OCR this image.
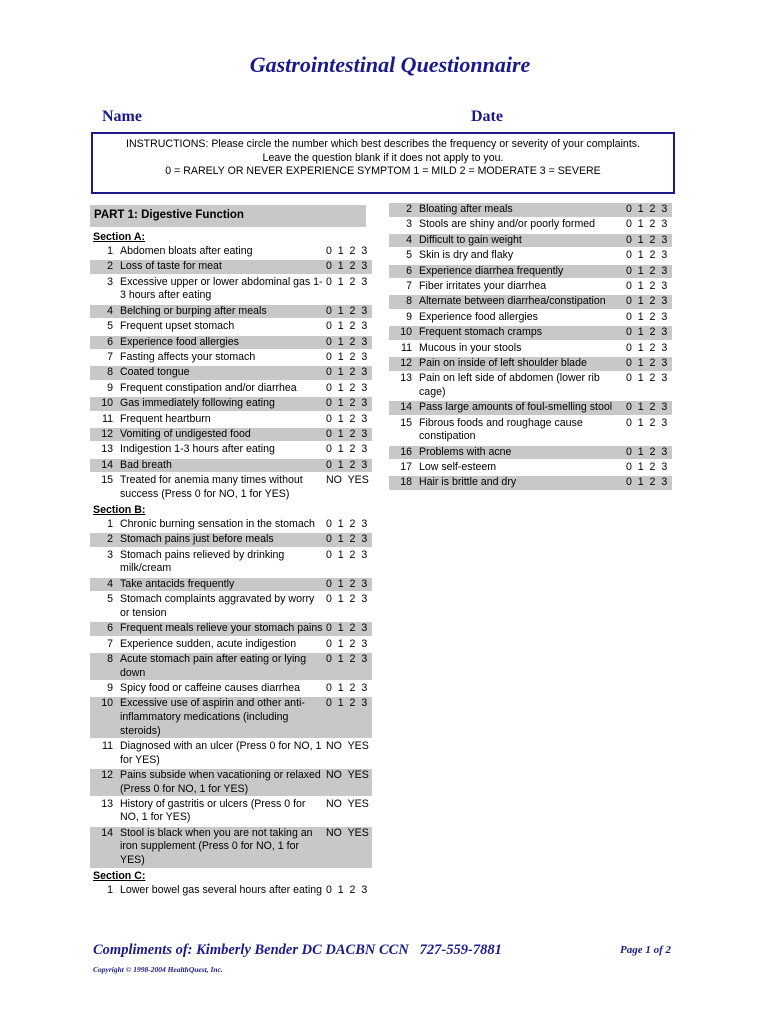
Gastrointestinal Questionnaire
Name	Date
INSTRUCTIONS: Please circle the number which best describes the frequency or severity of your complaints.
Leave the question blank if it does not apply to you.
0 = RARELY OR NEVER EXPERIENCE SYMPTOM 1 = MILD 2 = MODERATE 3 = SEVERE
PART 1: Digestive Function
Section A:
1 Abdomen bloats after eating	0  1  2  3
2 Loss of taste for meat	0  1  2  3
3 Excessive upper or lower abdominal gas 1-3 hours after eating
0  1  2  3
4 Belching or burping after meals	0  1  2  3
5 Frequent upset stomach	0  1  2  3
6 Experience food allergies	0  1  2  3
7 Fasting affects your stomach	0  1  2  3
8 Coated tongue	0  1  2  3
9 Frequent constipation and/or diarrhea	0  1  2  3
10 Gas immediately following eating	0  1  2  3
11 Frequent heartburn	0  1  2  3
12 Vomiting of undigested food	0  1  2  3
13 Indigestion 1-3 hours after eating	0  1  2  3
14 Bad breath	0  1  2  3
15 Treated for anemia many times without success (Press 0 for NO, 1 for YES)
NO  YES
Section B:
1 Chronic burning sensation in the stomach	0  1  2  3
2 Stomach pains just before meals	0  1  2  3
3 Stomach pains relieved by drinking milk/cream
0  1  2  3
4 Take antacids frequently	0  1  2  3
5 Stomach complaints aggravated by worry or tension
0  1  2  3
6 Frequent meals relieve your stomach pains 0  1  2  3
7 Experience sudden, acute indigestion	0  1  2  3
8 Acute stomach pain after eating or lying down
0  1  2  3
9 Spicy food or caffeine causes diarrhea	0  1  2  3
10 Excessive use of aspirin and other anti-inflammatory medications (including steroids)
0  1  2  3
11 Diagnosed with an ulcer (Press 0 for NO, 1 for YES)
NO  YES
12 Pains subside when vacationing or relaxed (Press 0 for NO, 1 for YES)
NO  YES
13 History of gastritis or ulcers (Press 0 for NO, 1 for YES)
NO  YES
14 Stool is black when you are not taking an iron supplement (Press 0 for NO, 1 for YES)
NO  YES
Section C:
1 Lower bowel gas several hours after eating 0  1  2  3
2 Bloating after meals	0  1  2  3
3 Stools are shiny and/or poorly formed	0  1  2  3
4 Difficult to gain weight	0  1  2  3
5 Skin is dry and flaky	0  1  2  3
6 Experience diarrhea frequently	0  1  2  3
7 Fiber irritates your diarrhea	0  1  2  3
8 Alternate between diarrhea/constipation	0  1  2  3
9 Experience food allergies	0  1  2  3
10 Frequent stomach cramps	0  1  2  3
11 Mucous in your stools	0  1  2  3
12 Pain on inside of left shoulder blade	0  1  2  3
13 Pain on left side of abdomen (lower rib cage)
0  1  2  3
14 Pass large amounts of foul-smelling stool	0  1  2  3
15 Fibrous foods and roughage cause constipation
0  1  2  3
16 Problems with acne	0  1  2  3
17 Low self-esteem	0  1  2  3
18 Hair is brittle and dry	0  1  2  3
Compliments of: Kimberly Bender DC DACBN CCN   727-559-7881	Page 1 of 2
Copyright © 1998-2004 HealthQuest, Inc.
